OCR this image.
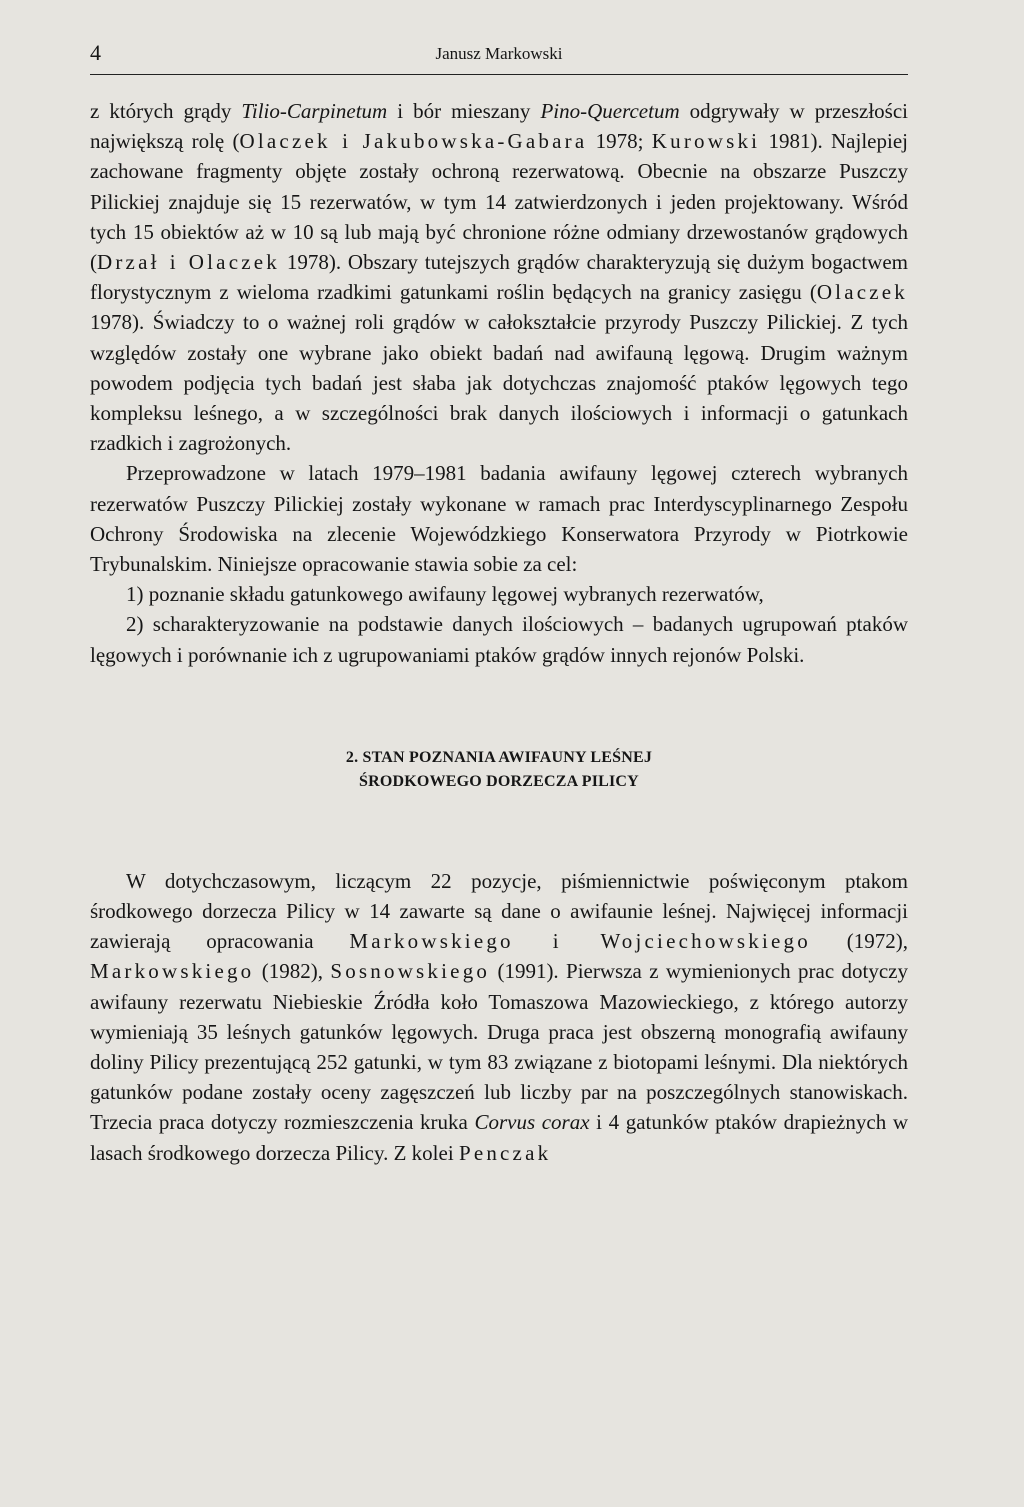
4	Janusz Markowski

z których grądy Tilio-Carpinetum i bór mieszany Pino-Quercetum odgrywały w przeszłości największą rolę (Olaczek i Jakubowska-Gabara 1978; Kurowski 1981). Najlepiej zachowane fragmenty objęte zostały ochroną rezerwatową. Obecnie na obszarze Puszczy Pilickiej znajduje się 15 rezerwatów, w tym 14 zatwierdzonych i jeden projektowany. Wśród tych 15 obiektów aż w 10 są lub mają być chronione różne odmiany drzewostanów grądowych (Drzał i Olaczek 1978). Obszary tutejszych grądów charakteryzują się dużym bogactwem florystycznym z wieloma rzadkimi gatunkami roślin będących na granicy zasięgu (Olaczek 1978). Świadczy to o ważnej roli grądów w całokształcie przyrody Puszczy Pilickiej. Z tych względów zostały one wybrane jako obiekt badań nad awifauną lęgową. Drugim ważnym powodem podjęcia tych badań jest słaba jak dotychczas znajomość ptaków lęgowych tego kompleksu leśnego, a w szczególności brak danych ilościowych i informacji o gatunkach rzadkich i zagrożonych.

Przeprowadzone w latach 1979–1981 badania awifauny lęgowej czterech wybranych rezerwatów Puszczy Pilickiej zostały wykonane w ramach prac Interdyscyplinarnego Zespołu Ochrony Środowiska na zlecenie Wojewódzkiego Konserwatora Przyrody w Piotrkowie Trybunalskim. Niniejsze opracowanie stawia sobie za cel:

1) poznanie składu gatunkowego awifauny lęgowej wybranych rezerwatów,
2) scharakteryzowanie na podstawie danych ilościowych – badanych ugrupowań ptaków lęgowych i porównanie ich z ugrupowaniami ptaków grądów innych rejonów Polski.
2. STAN POZNANIA AWIFAUNY LEŚNEJ
ŚRODKOWEGO DORZECZA PILICY

W dotychczasowym, liczącym 22 pozycje, piśmiennictwie poświęconym ptakom środkowego dorzecza Pilicy w 14 zawarte są dane o awifaunie leśnej. Najwięcej informacji zawierają opracowania Markowskiego i Wojciechowskiego (1972), Markowskiego (1982), Sosnowskiego (1991). Pierwsza z wymienionych prac dotyczy awifauny rezerwatu Niebieskie Źródła koło Tomaszowa Mazowieckiego, z którego autorzy wymieniają 35 leśnych gatunków lęgowych. Druga praca jest obszerną monografią awifauny doliny Pilicy prezentującą 252 gatunki, w tym 83 związane z biotopami leśnymi. Dla niektórych gatunków podane zostały oceny zagęszczeń lub liczby par na poszczególnych stanowiskach. Trzecia praca dotyczy rozmieszczenia kruka Corvus corax i 4 gatunków ptaków drapieżnych w lasach środkowego dorzecza Pilicy. Z kolei Penczak
